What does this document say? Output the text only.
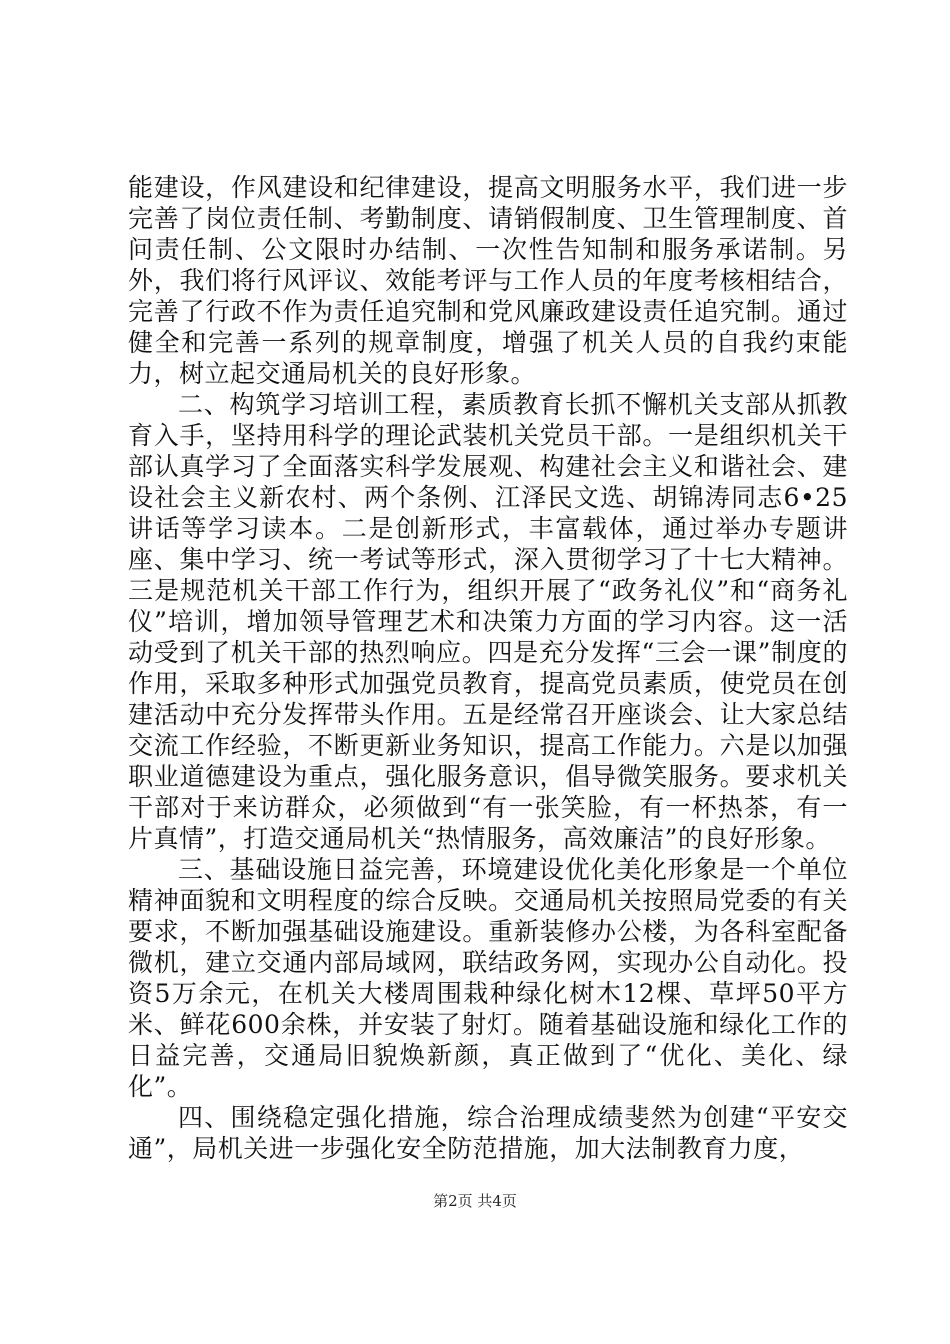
能建设，作风建设和纪律建设，提高文明服务水平，我们进一步完善了岗位责任制、考勤制度、请销假制度、卫生管理制度、首问责任制、公文限时办结制、一次性告知制和服务承诺制。另外，我们将行风评议、效能考评与工作人员的年度考核相结合，完善了行政不作为责任追究制和党风廉政建设责任追究制。通过健全和完善一系列的规章制度，增强了机关人员的自我约束能力，树立起交通局机关的良好形象。

二、构筑学习培训工程，素质教育长抓不懈机关支部从抓教育入手，坚持用科学的理论武装机关党员干部。一是组织机关干部认真学习了全面落实科学发展观、构建社会主义和谐社会、建设社会主义新农村、两个条例、江泽民文选、胡锦涛同志6•25讲话等学习读本。二是创新形式，丰富载体，通过举办专题讲座、集中学习、统一考试等形式，深入贯彻学习了十七大精神。三是规范机关干部工作行为，组织开展了“政务礼仪”和“商务礼仪”培训，增加领导管理艺术和决策力方面的学习内容。这一活动受到了机关干部的热烈响应。四是充分发挥“三会一课”制度的作用，采取多种形式加强党员教育，提高党员素质，使党员在创建活动中充分发挥带头作用。五是经常召开座谈会、让大家总结交流工作经验，不断更新业务知识，提高工作能力。六是以加强职业道德建设为重点，强化服务意识，倡导微笑服务。要求机关干部对于来访群众，必须做到“有一张笑脸，有一杯热茶，有一片真情”，打造交通局机关“热情服务，高效廉洁”的良好形象。

三、基础设施日益完善，环境建设优化美化形象是一个单位精神面貌和文明程度的综合反映。交通局机关按照局党委的有关要求，不断加强基础设施建设。重新装修办公楼，为各科室配备微机，建立交通内部局域网，联结政务网，实现办公自动化。投资5万余元，在机关大楼周围栽种绿化树木12棵、草坪50平方米、鲜花600余株，并安装了射灯。随着基础设施和绿化工作的日益完善，交通局旧貌焕新颜，真正做到了“优化、美化、绿化”。

四、围绕稳定强化措施，综合治理成绩斐然为创建“平安交通”，局机关进一步强化安全防范措施，加大法制教育力度，

第2页 共4页
